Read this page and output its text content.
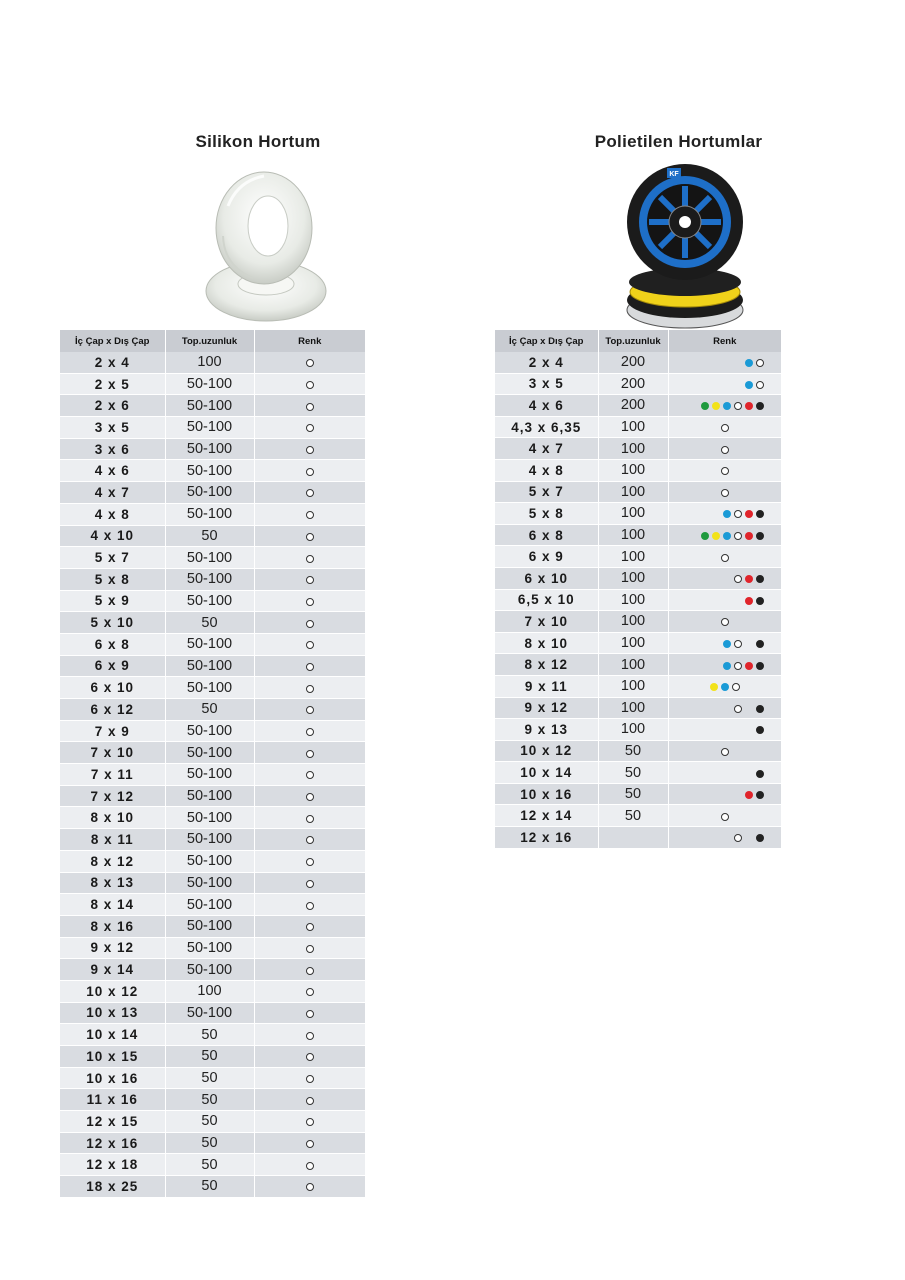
Silikon Hortum
İç Çap x Dış Çap	Top.uzunluk	Renk
2 x 4	100	

2 x 5	50-100	

2 x 6	50-100	

3 x 5	50-100	

3 x 6	50-100	

4 x 6	50-100	

4 x 7	50-100	

4 x 8	50-100	

4 x 10	50	

5 x 7	50-100	

5 x 8	50-100	

5 x 9	50-100	

5 x 10	50	

6 x 8	50-100	

6 x 9	50-100	

6 x 10	50-100	

6 x 12	50	

7 x 9	50-100	

7 x 10	50-100	

7 x 11	50-100	

7 x 12	50-100	

8 x 10	50-100	

8 x 11	50-100	

8 x 12	50-100	

8 x 13	50-100	

8 x 14	50-100	

8 x 16	50-100	

9 x 12	50-100	

9 x 14	50-100	

10 x 12	100	

10 x 13	50-100	

10 x 14	50	

10 x 15	50	

10 x 16	50	

11 x 16	50	

12 x 15	50	

12 x 16	50	

12 x 18	50	

18 x 25	50	
Polietilen Hortumlar
KF
İç Çap x Dış Çap	Top.uzunluk	Renk
2 x 4	200	

3 x 5	200	

4 x 6	200	

4,3 x 6,35	100	

4 x 7	100	

4 x 8	100	

5 x 7	100	

5 x 8	100	

6 x 8	100	

6 x 9	100	

6 x 10	100	

6,5 x 10	100	

7 x 10	100	

8 x 10	100	

8 x 12	100	

9 x 11	100	

9 x 12	100	

9 x 13	100	

10 x 12	50	

10 x 14	50	

10 x 16	50	

12 x 14	50	

12 x 16		
